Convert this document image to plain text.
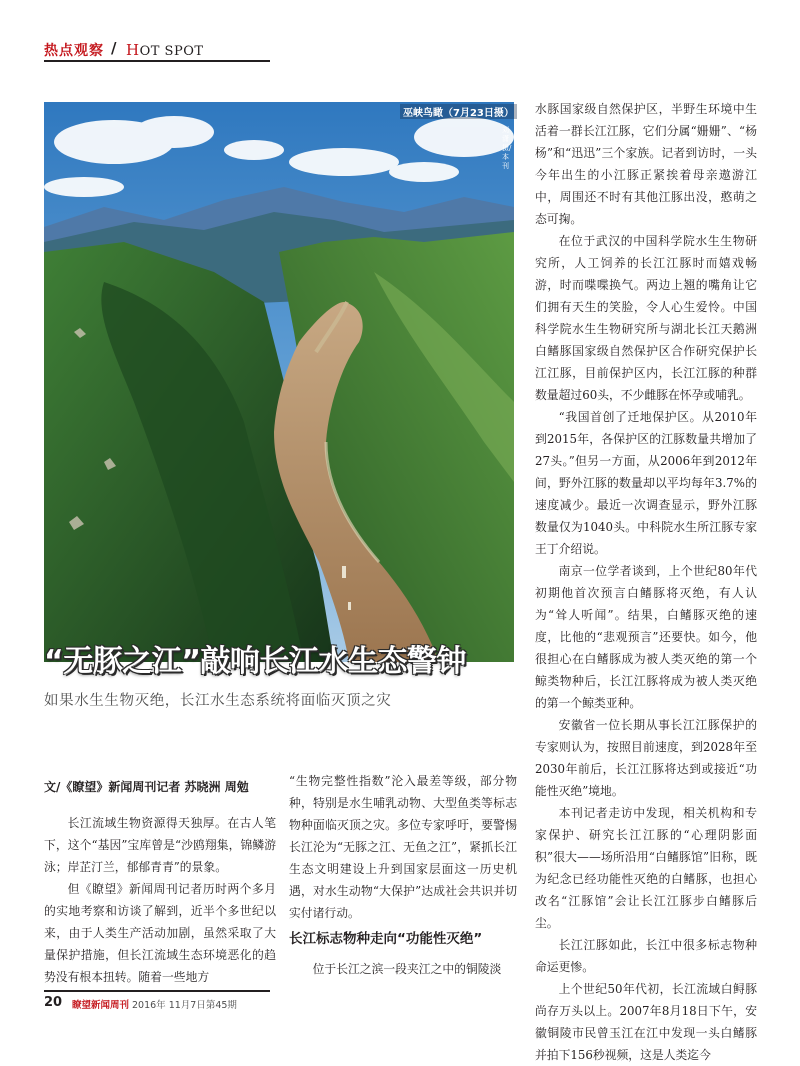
热点观察 / HOT SPOT
巫峡鸟瞰（7月23日摄）
刘潇摄/本刊
“无豚之江”敲响长江水生态警钟
如果水生生物灭绝，长江水生态系统将面临灭顶之灾
文/《瞭望》新闻周刊记者 苏晓洲 周勉

长江流域生物资源得天独厚。在古人笔下，这个“基因”宝库曾是“沙鸥翔集，锦鳞游泳；岸芷汀兰，郁郁青青”的景象。

但《瞭望》新闻周刊记者历时两个多月的实地考察和访谈了解到，近半个多世纪以来，由于人类生产活动加剧，虽然采取了大量保护措施，但长江流域生态环境恶化的趋势没有根本扭转。随着一些地方

“生物完整性指数”沦入最差等级，部分物种，特别是水生哺乳动物、大型鱼类等标志物种面临灭顶之灾。多位专家呼吁，要警惕长江沦为“无豚之江、无鱼之江”，紧抓长江生态文明建设上升到国家层面这一历史机遇，对水生动物“大保护”达成社会共识并切实付诸行动。

长江标志物种走向“功能性灭绝”

位于长江之滨一段夹江之中的铜陵淡

水豚国家级自然保护区，半野生环境中生活着一群长江江豚，它们分属“姗姗”、“杨杨”和“迅迅”三个家族。记者到访时，一头今年出生的小江豚正紧挨着母亲遨游江中，周围还不时有其他江豚出没，憨萌之态可掬。

在位于武汉的中国科学院水生生物研究所，人工饲养的长江江豚时而嬉戏畅游，时而喋喋换气。两边上翘的嘴角让它们拥有天生的笑脸，令人心生爱怜。中国科学院水生生物研究所与湖北长江天鹅洲白鳍豚国家级自然保护区合作研究保护长江江豚，目前保护区内，长江江豚的种群数量超过60头，不少雌豚在怀孕或哺乳。

“我国首创了迁地保护区。从2010年到2015年，各保护区的江豚数量共增加了27头。”但另一方面，从2006年到2012年间，野外江豚的数量却以平均每年3.7%的速度减少。最近一次调查显示，野外江豚数量仅为1040头。中科院水生所江豚专家王丁介绍说。

南京一位学者谈到，上个世纪80年代初期他首次预言白鳍豚将灭绝，有人认为“耸人听闻”。结果，白鳍豚灭绝的速度，比他的“悲观预言”还要快。如今，他很担心在白鳍豚成为被人类灭绝的第一个鲸类物种后，长江江豚将成为被人类灭绝的第一个鲸类亚种。

安徽省一位长期从事长江江豚保护的专家则认为，按照目前速度，到2028年至2030年前后，长江江豚将达到或接近“功能性灭绝”境地。

本刊记者走访中发现，相关机构和专家保护、研究长江江豚的“心理阴影面积”很大——场所沿用“白鳍豚馆”旧称，既为纪念已经功能性灭绝的白鳍豚，也担心改名“江豚馆”会让长江江豚步白鳍豚后尘。

长江江豚如此，长江中很多标志物种命运更惨。

上个世纪50年代初，长江流域白鲟豚尚存万头以上。2007年8月18日下午，安徽铜陵市民曾玉江在江中发现一头白鳍豚并拍下156秒视频，这是人类迄今

20 瞭望新闻周刊 2016年 11月7日第45期
